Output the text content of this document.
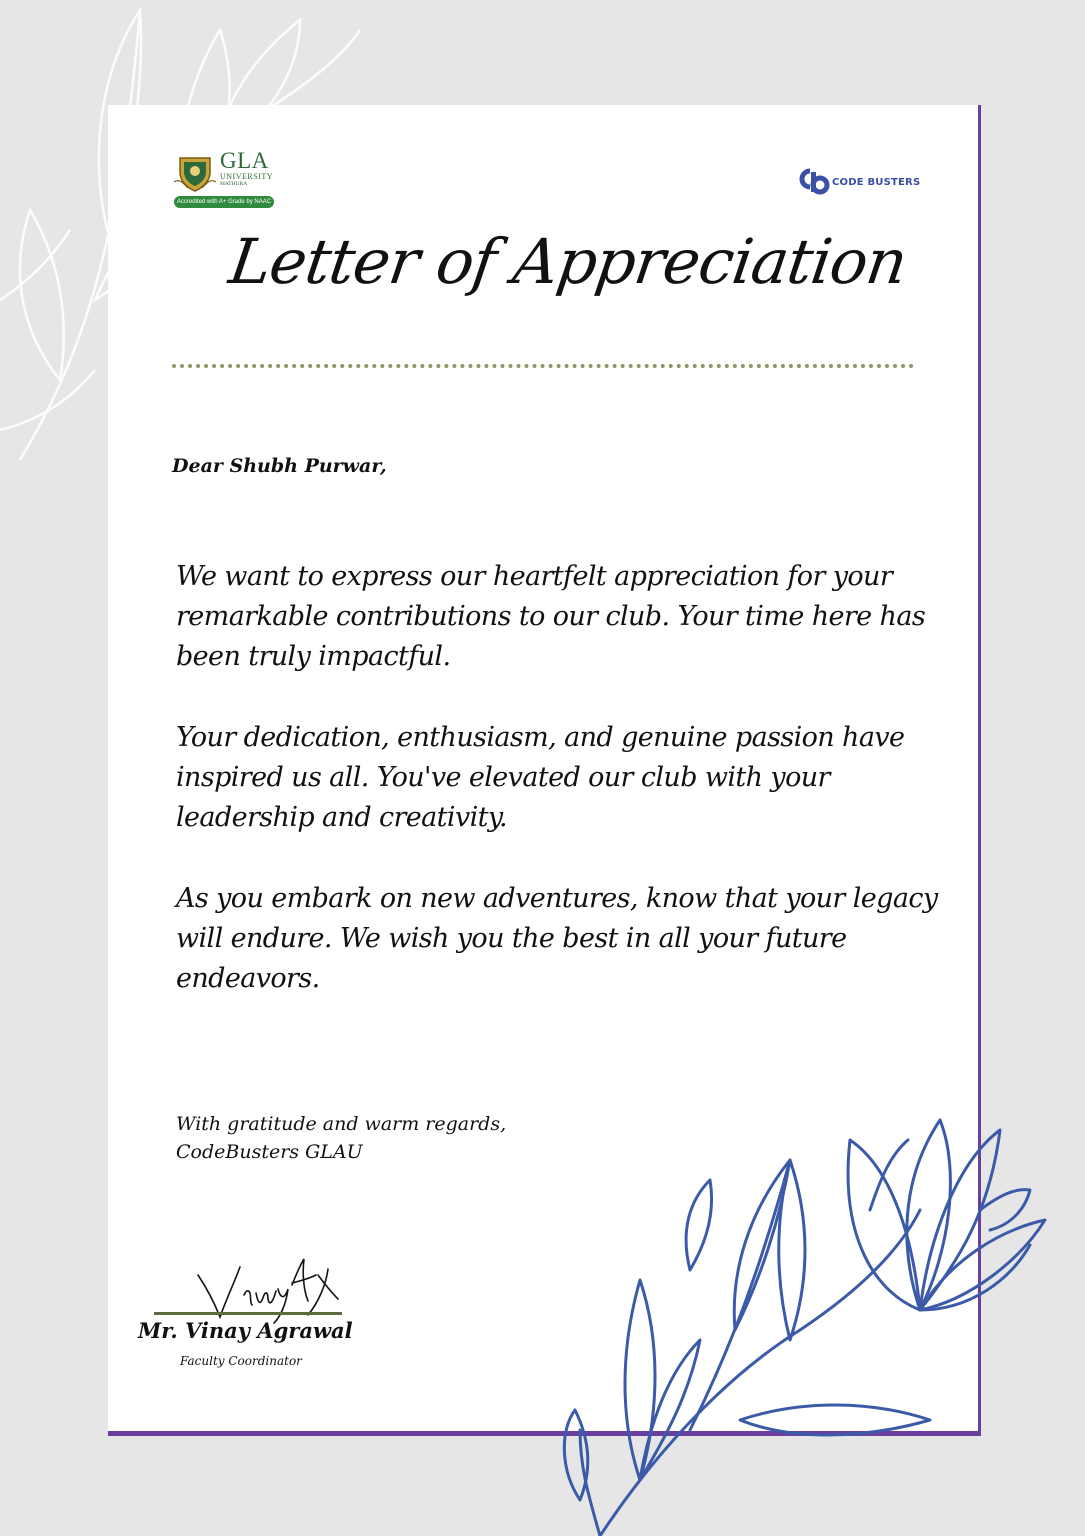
GLA
UNIVERSITY
MATHURA
Accredited with A+ Grade by NAAC
CODE BUSTERS
Letter of Appreciation
Dear Shubh Purwar,

We want to express our heartfelt appreciation for your remarkable contributions to our club. Your time here has been truly impactful.

Your dedication, enthusiasm, and genuine passion have inspired us all. You've elevated our club with your leadership and creativity.

As you embark on new adventures, know that your legacy will endure. We wish you the best in all your future endeavors.

With gratitude and warm regards,
CodeBusters GLAU
Mr. Vinay Agrawal
Faculty Coordinator
